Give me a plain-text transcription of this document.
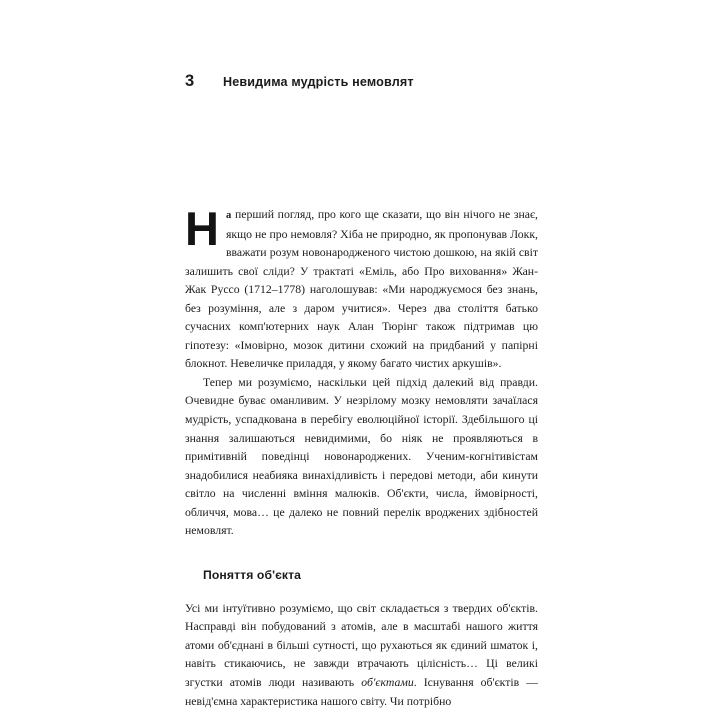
3	Невидима мудрість немовлят

На перший погляд, про кого ще сказати, що він нічого не знає, якщо не про немовля? Хіба не природно, як пропонував Локк, вважати розум новонародженого чистою дошкою, на якій світ залишить свої сліди? У трактаті «Еміль, або Про виховання» Жан-Жак Руссо (1712–1778) наголошував: «Ми народжуємося без знань, без розуміння, але з даром учитися». Через два століття батько сучасних комп'ютерних наук Алан Тюрінг також підтримав цю гіпотезу: «Імовірно, мозок дитини схожий на придбаний у папірні блокнот. Невеличке приладдя, у якому багато чистих аркушів».

Тепер ми розуміємо, наскільки цей підхід далекий від правди. Очевидне буває оманливим. У незрілому мозку немовляти зачаїлася мудрість, успадкована в перебігу еволюційної історії. Здебільшого ці знання залишаються невидимими, бо ніяк не проявляються в примітивній поведінці новонароджених. Ученим-когнітивістам знадобилися неабияка винахідливість і передові методи, аби кинути світло на численні вміння малюків. Об'єкти, числа, ймовірності, обличчя, мова… це далеко не повний перелік вроджених здібностей немовлят.

Поняття об'єкта

Усі ми інтуїтивно розуміємо, що світ складається з твердих об'єктів. Насправді він побудований з атомів, але в масштабі нашого життя атоми об'єднані в більші сутності, що рухаються як єдиний шматок і, навіть стикаючись, не завжди втрачають цілісність… Ці великі згустки атомів люди називають об'єктами. Існування об'єктів — невід'ємна характеристика нашого світу. Чи потрібно
